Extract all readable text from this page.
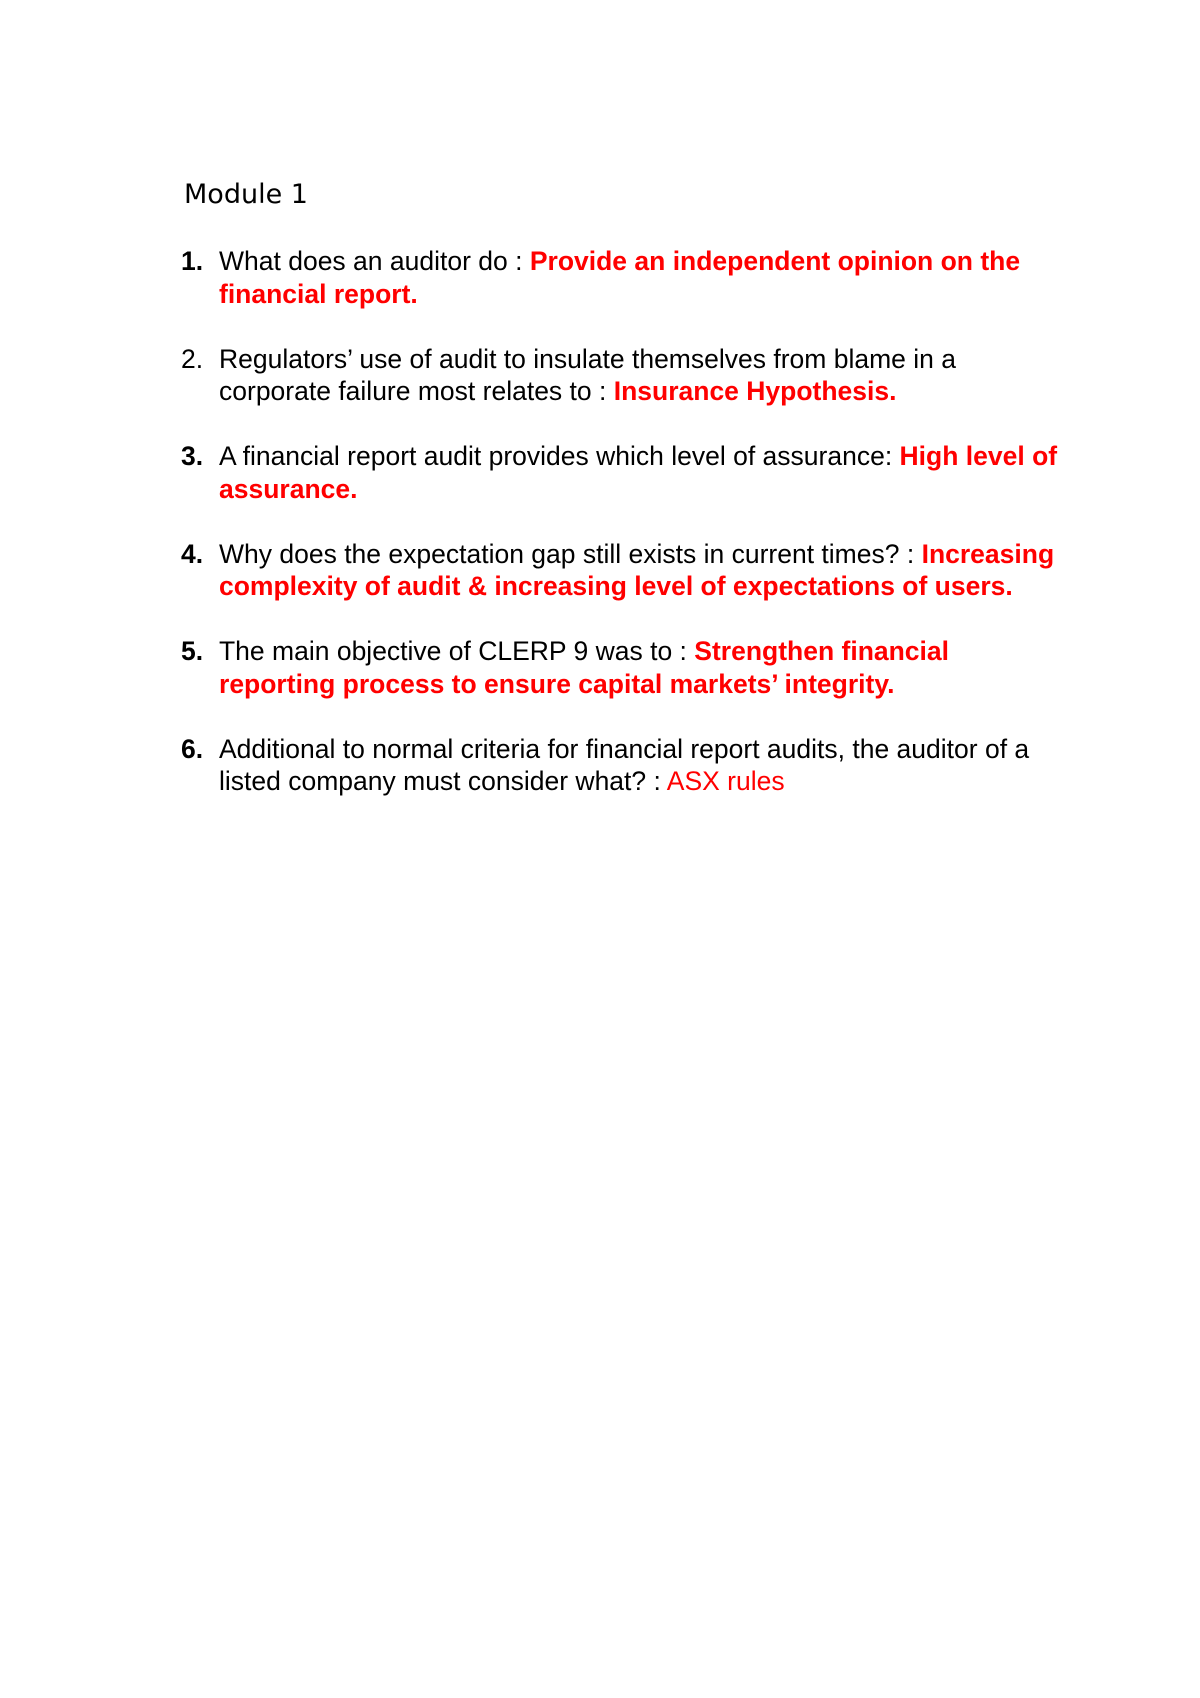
Module 1
1. What does an auditor do : Provide an independent opinion on the financial report.
2. Regulators’ use of audit to insulate themselves from blame in a corporate failure most relates to : Insurance Hypothesis.
3. A financial report audit provides which level of assurance: High level of assurance.
4. Why does the expectation gap still exists in current times? : Increasing complexity of audit & increasing level of expectations of users.
5. The main objective of CLERP 9 was to : Strengthen financial reporting process to ensure capital markets’ integrity.
6. Additional to normal criteria for financial report audits, the auditor of a listed company must consider what? : ASX rules
